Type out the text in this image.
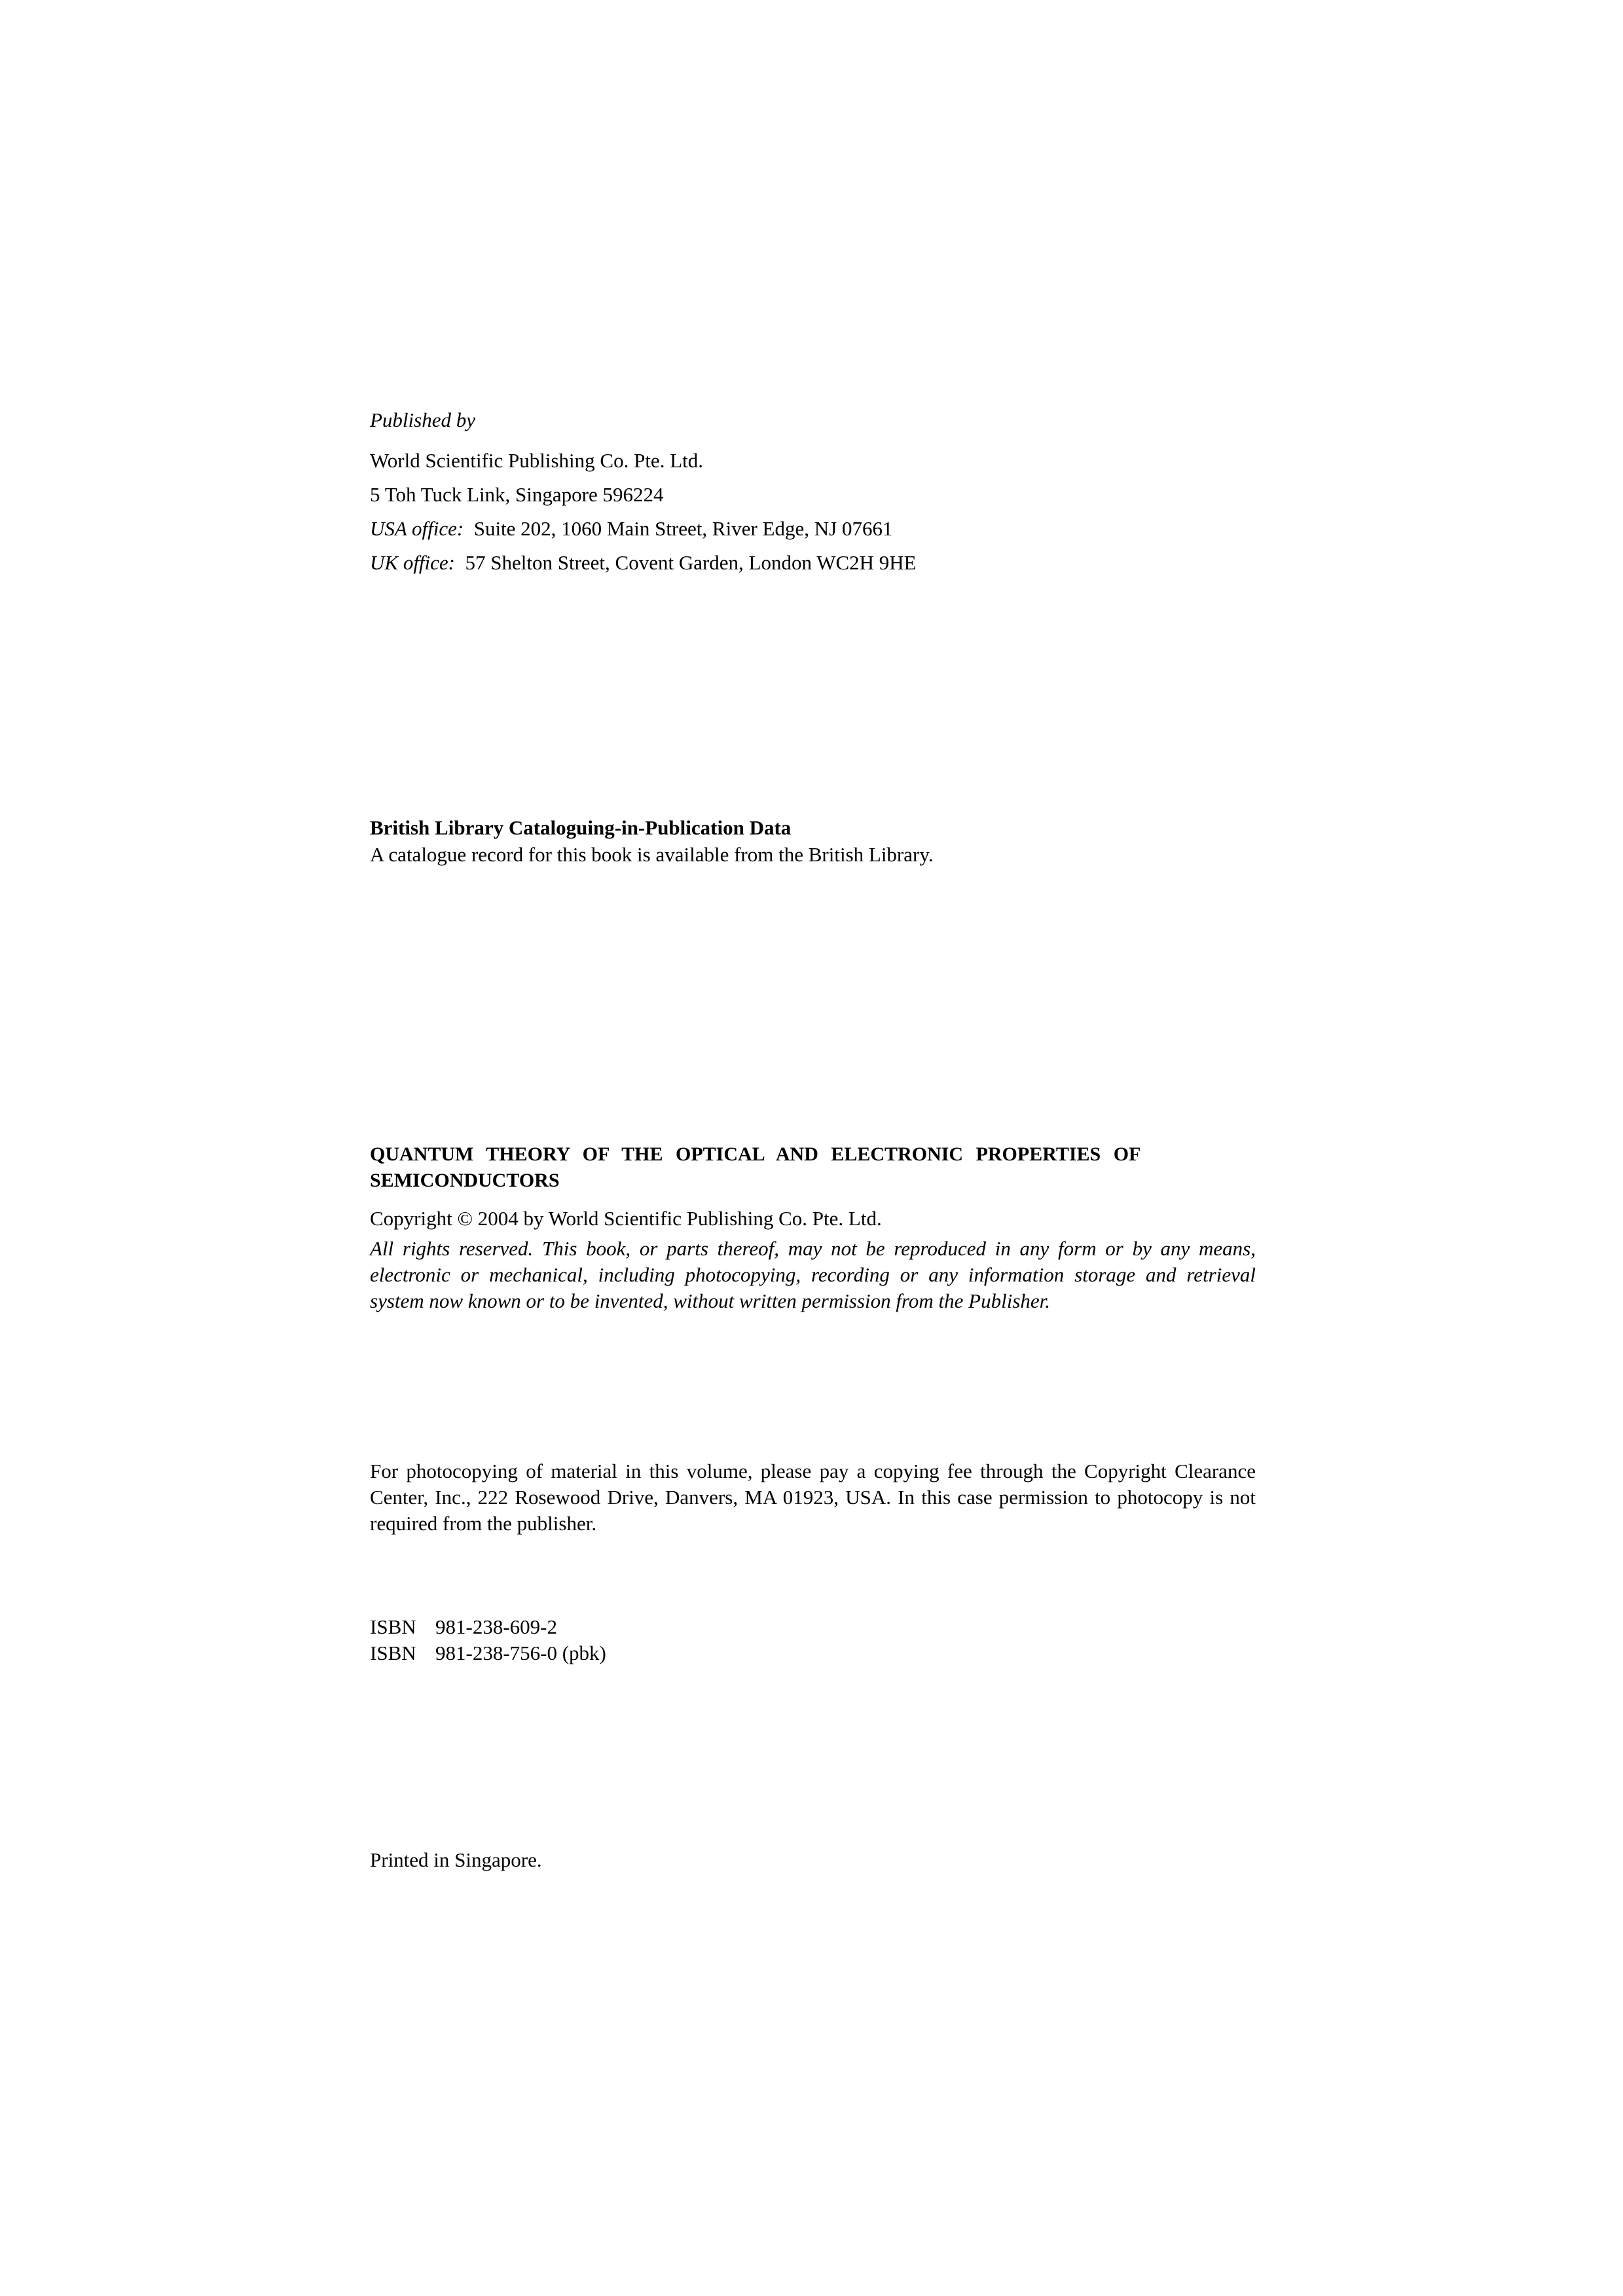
Published by
World Scientific Publishing Co. Pte. Ltd.
5 Toh Tuck Link, Singapore 596224
USA office: Suite 202, 1060 Main Street, River Edge, NJ 07661
UK office: 57 Shelton Street, Covent Garden, London WC2H 9HE
British Library Cataloguing-in-Publication Data
A catalogue record for this book is available from the British Library.
QUANTUM THEORY OF THE OPTICAL AND ELECTRONIC PROPERTIES OF SEMICONDUCTORS
Copyright © 2004 by World Scientific Publishing Co. Pte. Ltd.
All rights reserved. This book, or parts thereof, may not be reproduced in any form or by any means, electronic or mechanical, including photocopying, recording or any information storage and retrieval system now known or to be invented, without written permission from the Publisher.
For photocopying of material in this volume, please pay a copying fee through the Copyright Clearance Center, Inc., 222 Rosewood Drive, Danvers, MA 01923, USA. In this case permission to photocopy is not required from the publisher.
ISBN 981-238-609-2
ISBN 981-238-756-0 (pbk)
Printed in Singapore.
